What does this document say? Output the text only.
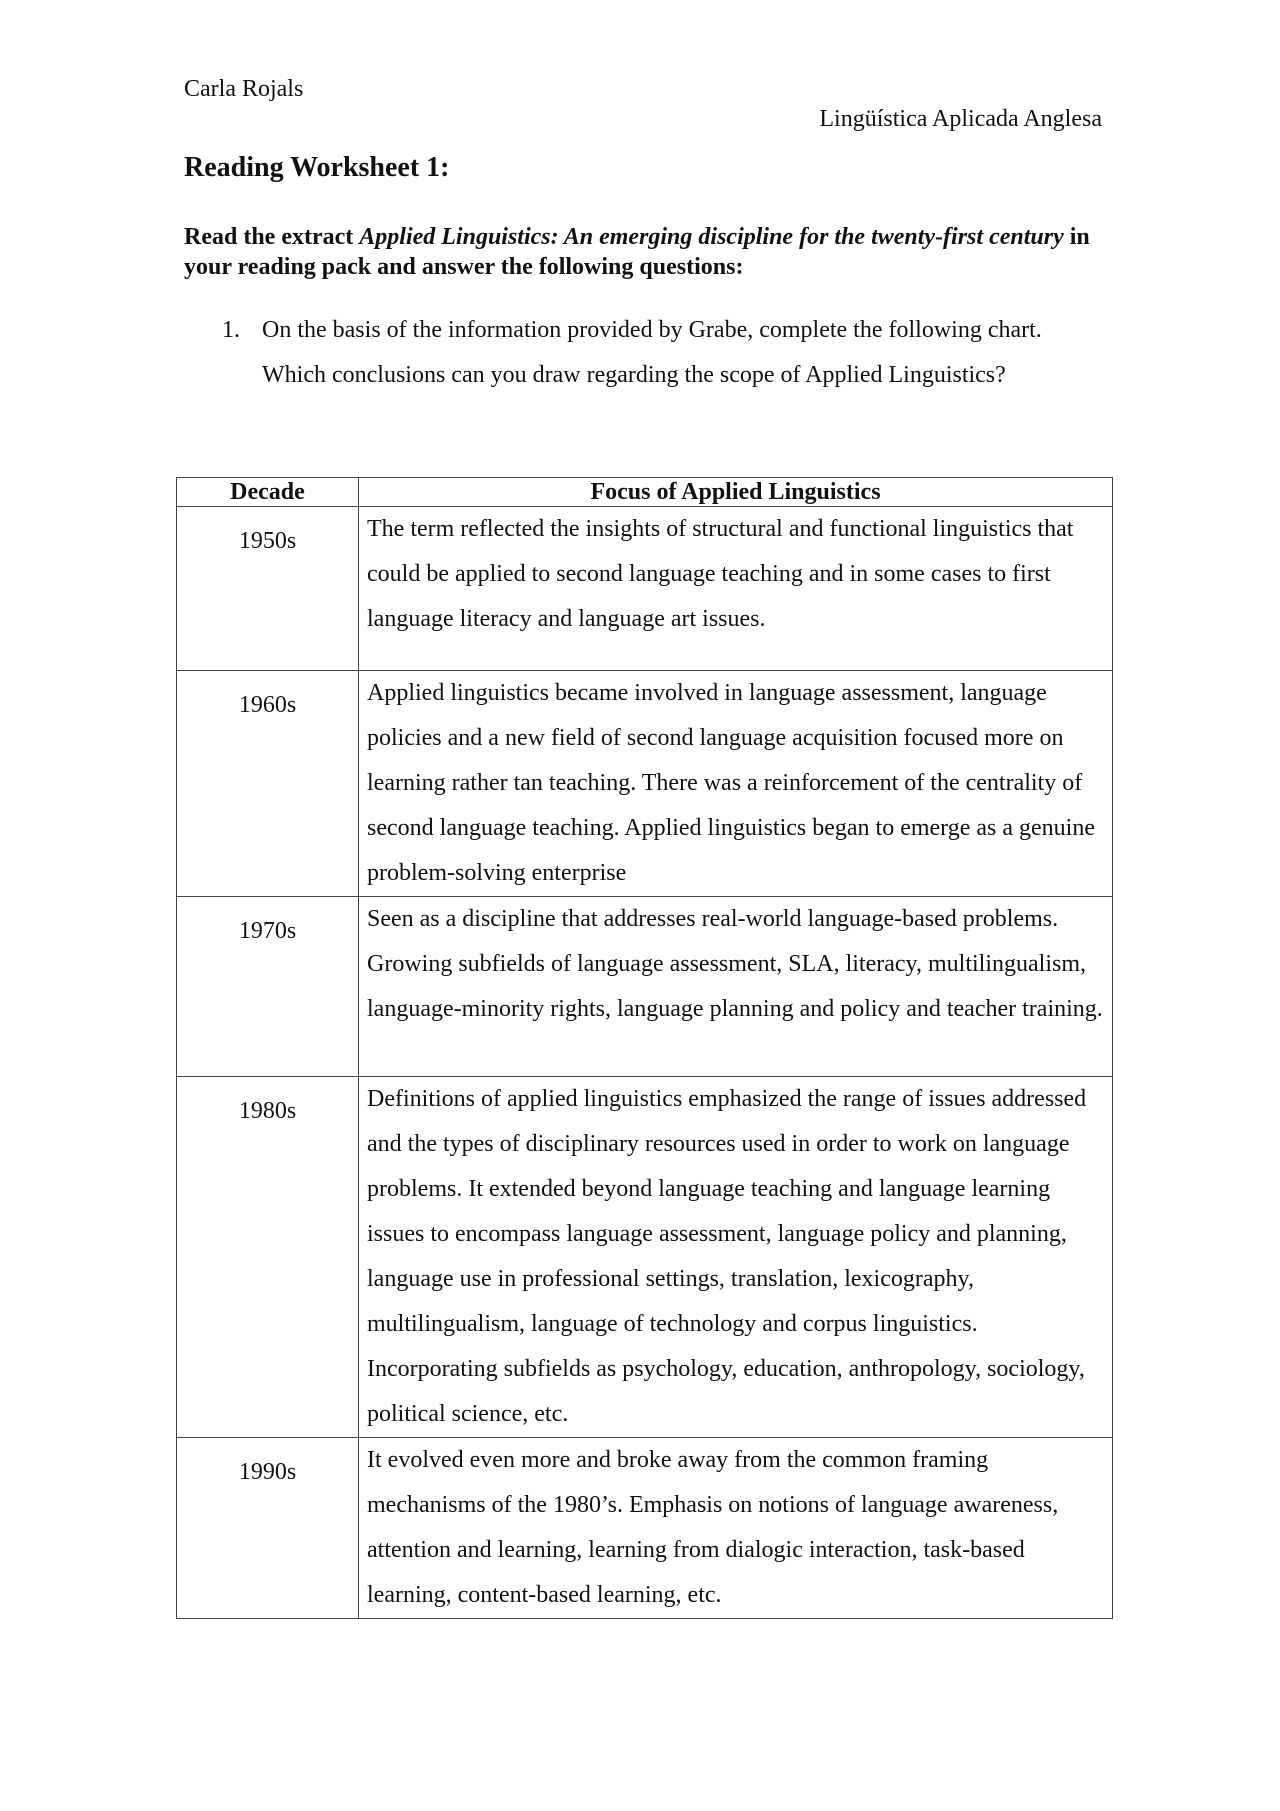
Carla Rojals
Lingüística Aplicada Anglesa
Reading Worksheet 1:
Read the extract Applied Linguistics: An emerging discipline for the twenty-first century in your reading pack and answer the following questions:
1. On the basis of the information provided by Grabe, complete the following chart. Which conclusions can you draw regarding the scope of Applied Linguistics?
Decade	Focus of Applied Linguistics
1950s	The term reflected the insights of structural and functional linguistics that could be applied to second language teaching and in some cases to first language literacy and language art issues.
1960s	Applied linguistics became involved in language assessment, language policies and a new field of second language acquisition focused more on learning rather tan teaching. There was a reinforcement of the centrality of second language teaching. Applied linguistics began to emerge as a genuine problem-solving enterprise
1970s	Seen as a discipline that addresses real-world language-based problems. Growing subfields of language assessment, SLA, literacy, multilingualism, language-minority rights, language planning and policy and teacher training.
1980s	Definitions of applied linguistics emphasized the range of issues addressed and the types of disciplinary resources used in order to work on language problems. It extended beyond language teaching and language learning issues to encompass language assessment, language policy and planning, language use in professional settings, translation, lexicography, multilingualism, language of technology and corpus linguistics. Incorporating subfields as psychology, education, anthropology, sociology, political science, etc.
1990s	It evolved even more and broke away from the common framing mechanisms of the 1980’s. Emphasis on notions of language awareness, attention and learning, learning from dialogic interaction, task-based learning, content-based learning, etc.
